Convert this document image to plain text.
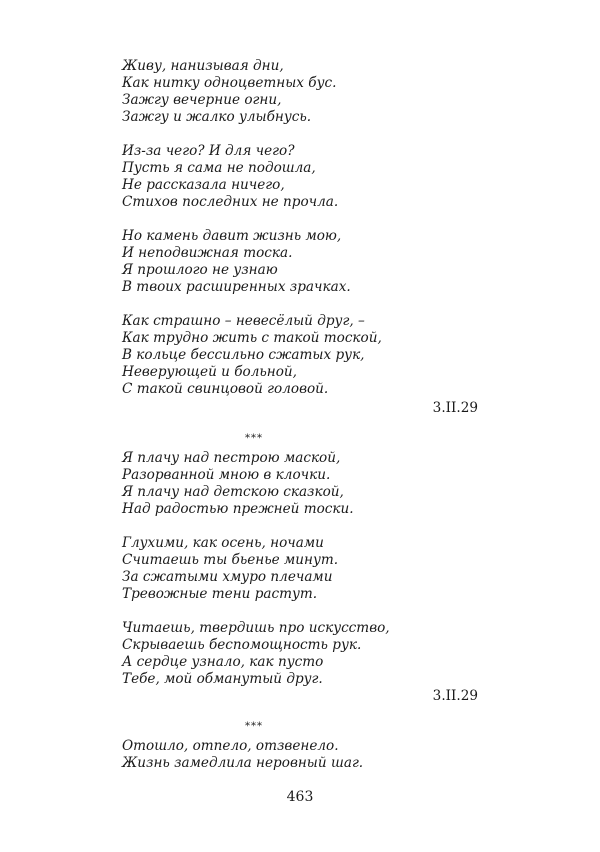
Живу, нанизывая дни,
Как нитку одноцветных бус.
Зажгу вечерние огни,
Зажгу и жалко улыбнусь.
Из-за чего? И для чего?
Пусть я сама не подошла,
Не рассказала ничего,
Стихов последних не прочла.
Но камень давит жизнь мою,
И неподвижная тоска.
Я прошлого не узнаю
В твоих расширенных зрачках.
Как страшно – невесёлый друг, –
Как трудно жить с такой тоской,
В кольце бессильно сжатых рук,
Неверующей и больной,
С такой свинцовой головой.
3.II.29
***
Я плачу над пестрою маской,
Разорванной мною в клочки.
Я плачу над детскою сказкой,
Над радостью прежней тоски.
Глухими, как осень, ночами
Считаешь ты бьенье минут.
За сжатыми хмуро плечами
Тревожные тени растут.
Читаешь, твердишь про искусство,
Скрываешь беспомощность рук.
А сердце узнало, как пусто
Тебе, мой обманутый друг.
3.II.29
***
Отошло, отпело, отзвенело.
Жизнь замедлила неровный шаг.
463
